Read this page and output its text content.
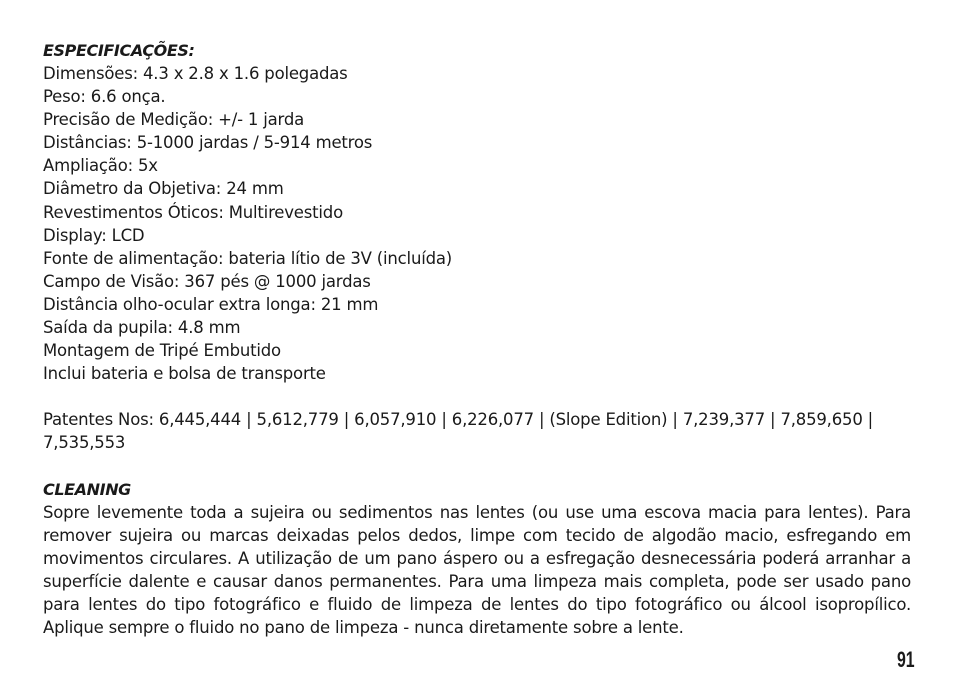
ESPECIFICAÇÕES:
Dimensões: 4.3 x 2.8 x 1.6 polegadas
Peso: 6.6 onça.
Precisão de Medição: +/- 1 jarda
Distâncias: 5-1000 jardas / 5-914 metros
Ampliação: 5x
Diâmetro da Objetiva: 24 mm
Revestimentos Óticos: Multirevestido
Display: LCD
Fonte de alimentação: bateria lítio de 3V (incluída)
Campo de Visão: 367 pés @ 1000 jardas
Distância olho-ocular extra longa: 21 mm
Saída da pupila: 4.8 mm
Montagem de Tripé Embutido
Inclui bateria e bolsa de transporte

Patentes Nos: 6,445,444 | 5,612,779 | 6,057,910 | 6,226,077 | (Slope Edition) | 7,239,377 | 7,859,650 | 7,535,553

CLEANING

Sopre levemente toda a sujeira ou sedimentos nas lentes (ou use uma escova macia para lentes). Para remover sujeira ou marcas deixadas pelos dedos, limpe com tecido de algodão macio, esfregando em movimentos circulares. A utilização de um pano áspero ou a esfregação desnecessária poderá arranhar a superfície dalente e causar danos permanentes. Para uma limpeza mais completa, pode ser usado pano para lentes do tipo fotográfico e fluido de limpeza de lentes do tipo fotográfico ou álcool isopropílico. Aplique sempre o fluido no pano de limpeza - nunca diretamente sobre a lente.

91
